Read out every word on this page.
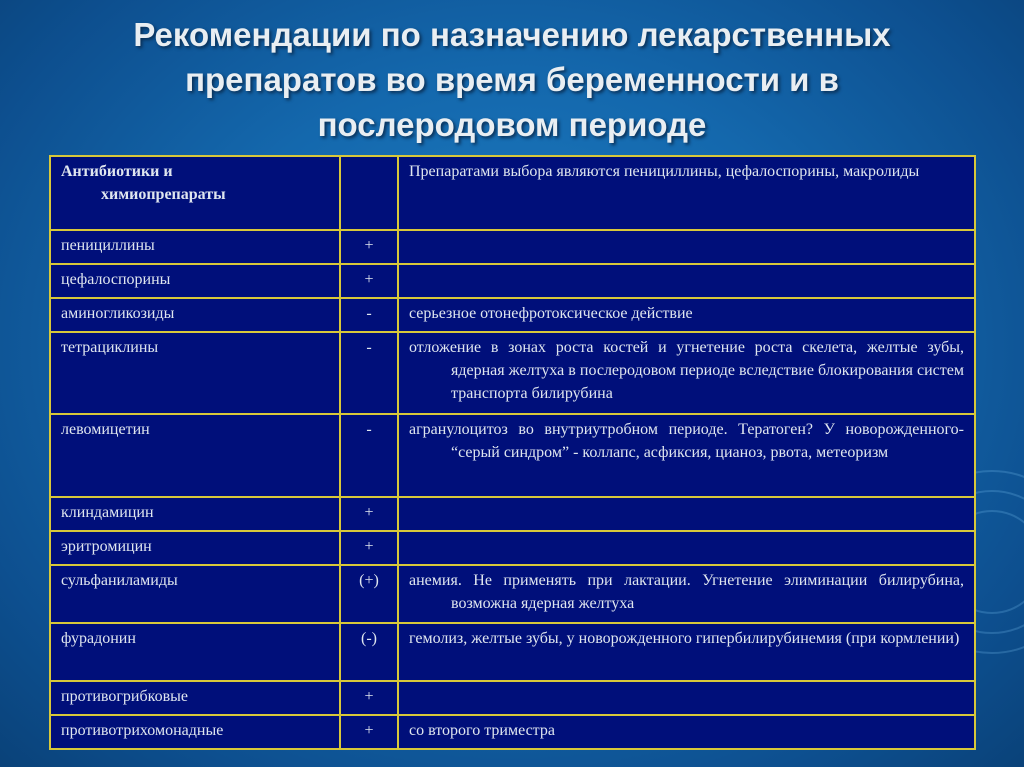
Рекомендации по назначению лекарственных
препаратов во время беременности и в
послеродовом периоде
Антибиотики и
химиопрепараты		Препаратами выбора являются пенициллины, цефалоспорины, макролиды

пенициллины	+	

цефалоспорины	+	

аминогликозиды	-	серьезное отонефротоксическое действие

тетрациклины	-	отложение в зонах роста костей и угнетение роста скелета, желтые зубы, ядерная желтуха в послеродовом периоде вследствие блокирования систем транспорта билирубина

левомицетин	-	агранулоцитоз во внутриутробном периоде. Тератоген? У новорожденного- “серый синдром” - коллапс, асфиксия, цианоз, рвота, метеоризм

клиндамицин	+	

эритромицин	+	

сульфаниламиды	(+)	анемия. Не применять при лактации. Угнетение элиминации билирубина, возможна ядерная желтуха

фурадонин	(-)	гемолиз, желтые зубы, у новорожденного гипербилирубинемия (при кормлении)

противогрибковые	+	

противотрихомонадные	+	со второго триместра
